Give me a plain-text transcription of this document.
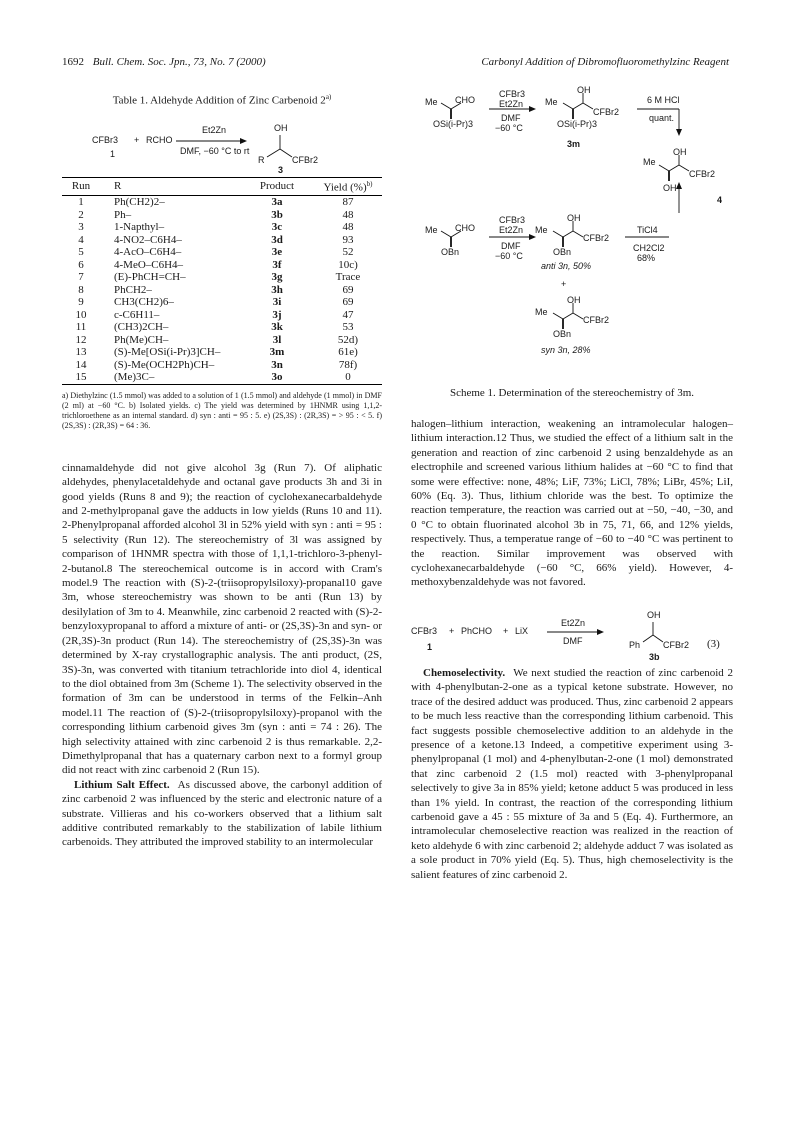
1692 Bull. Chem. Soc. Jpn., 73, No. 7 (2000)	Carbonyl Addition of Dibromofluoromethylzinc Reagent
Table 1. Aldehyde Addition of Zinc Carbenoid 2$^{a)}$
CFBr3 + RCHO
Et2Zn
DMF, −60 °C to rt
1
OH
R	CFBr2
3
Run	R	Product	Yield (%)$^{b)}$
1	Ph(CH2)2–	3a	87
2	Ph–	3b	48
3	1-Napthyl–	3c	48
4	4-NO2–C6H4–	3d	93
5	4-AcO–C6H4–	3e	52
6	4-MeO–C6H4–	3f	10c)
7	(E)-PhCH=CH–	3g	Trace
8	PhCH2–	3h	69
9	CH3(CH2)6–	3i	69
10	c-C6H11–	3j	47
11	(CH3)2CH–	3k	53
12	Ph(Me)CH–	3l	52d)
13	(S)-Me[OSi(i-Pr)3]CH–	3m	61e)
14	(S)-Me(OCH2Ph)CH–	3n	78f)
15	(Me)3C–	3o	0

a) Diethylzinc (1.5 mmol) was added to a solution of 1 (1.5 mmol) and aldehyde (1 mmol) in DMF (2 ml) at −60 °C. b) Isolated yields. c) The yield was determined by 1HNMR using 1,1,2-trichloroethene as an internal standard. d) syn : anti = 95 : 5. e) (2S,3S) : (2R,3S) = > 95 : < 5. f) (2S,3S) : (2R,3S) = 64 : 36.

cinnamaldehyde did not give alcohol 3g (Run 7). Of aliphatic aldehydes, phenylacetaldehyde and octanal gave products 3h and 3i in good yields (Runs 8 and 9); the reaction of cyclohexanecarbaldehyde and 2-methylpropanal gave the adducts in low yields (Runs 10 and 11). 2-Phenylpropanal afforded alcohol 3l in 52% yield with syn : anti = 95 : 5 selectivity (Run 12). The stereochemistry of 3l was assigned by comparison of 1HNMR spectra with those of 1,1,1-trichloro-3-phenyl-2-butanol.8 The stereochemical outcome is in accord with Cram's model.9 The reaction with (S)-2-(triisopropylsiloxy)-propanal10 gave 3m, whose stereochemistry was shown to be anti (Run 13) by desilylation of 3m to 4. Meanwhile, zinc carbenoid 2 reacted with (S)-2-benzyloxypropanal to afford a mixture of anti- or (2S,3S)-3n and syn- or (2R,3S)-3n product (Run 14). The stereochemistry of (2S,3S)-3n was determined by X-ray crystallographic analysis. The anti product, (2S, 3S)-3n, was converted with titanium tetrachloride into diol 4, identical to the diol obtained from 3m (Scheme 1). The selectivity observed in the formation of 3m can be understood in terms of the Felkin–Anh model.11 The reaction of (S)-2-(triisopropylsiloxy)-propanol with the corresponding lithium carbenoid gives 3m (syn : anti = 74 : 26). The high selectivity attained with zinc carbenoid 2 is thus remarkable. 2,2-Dimethylpropanal that has a quaternary carbon next to a formyl group did not react with zinc carbenoid 2 (Run 15).

Lithium Salt Effect. As discussed above, the carbonyl addition of zinc carbenoid 2 was influenced by the steric and electronic nature of a substrate. Villieras and his co-workers observed that a lithium salt additive contributed remarkably to the stabilization of labile lithium carbenoids. They attributed the improved stability to an intermolecular

Me CHO
OSi(i-Pr)3
CFBr3
Et2Zn
DMF
−60 °C
Me
OH
CFBr2
OSi(i-Pr)3
3m
6 M HCl
quant.
Me
OH
CFBr2
OH
4
Me CHO
OBn
CFBr3
Et2Zn
DMF
−60 °C
Me
OH
CFBr2
OBn
anti 3n, 50%
TiCl4
CH2Cl2
68%
+
Me
OH
CFBr2
OBn
syn 3n, 28%
Scheme 1. Determination of the stereochemistry of 3m.

halogen–lithium interaction, weakening an intramolecular halogen–lithium interaction.12 Thus, we studied the effect of a lithium salt in the generation and reaction of zinc carbenoid 2 using benzaldehyde as an electrophile and screened various lithium halides at −60 °C to find that some were effective: none, 48%; LiF, 73%; LiCl, 78%; LiBr, 45%; LiI, 60% (Eq. 3). Thus, lithium chloride was the best. To optimize the reaction temperature, the reaction was carried out at −50, −40, −30, and 0 °C to obtain fluorinated alcohol 3b in 75, 71, 66, and 12% yields, respectively. Thus, a temperatue range of −60 to −40 °C was pertinent to the reaction. Similar improvement was observed with cyclohexanecarbaldehyde (−60 °C, 66% yield). However, 4-methoxybenzaldehyde was not favored.

CFBr3 + PhCHO + LiX
Et2Zn
DMF
1
OH
Ph	CFBr2
3b
(3)

Chemoselectivity. We next studied the reaction of zinc carbenoid 2 with 4-phenylbutan-2-one as a typical ketone substrate. However, no trace of the desired adduct was produced. Thus, zinc carbenoid 2 appears to be much less reactive than the corresponding lithium carbenoid. This fact suggests possible chemoselective addition to an aldehyde in the presence of a ketone.13 Indeed, a competitive experiment using 3-phenylpropanal (1 mol) and 4-phenylbutan-2-one (1 mol) demonstrated that zinc carbenoid 2 (1.5 mol) reacted with 3-phenylpropanal selectively to give 3a in 85% yield; ketone adduct 5 was produced in less than 1% yield. In contrast, the reaction of the corresponding lithium carbenoid gave a 45 : 55 mixture of 3a and 5 (Eq. 4). Furthermore, an intramolecular chemoselective reaction was realized in the reaction of keto aldehyde 6 with zinc carbenoid 2; aldehyde adduct 7 was isolated as a sole product in 70% yield (Eq. 5). Thus, high chemoselectivity is the salient features of zinc carbenoid 2.
